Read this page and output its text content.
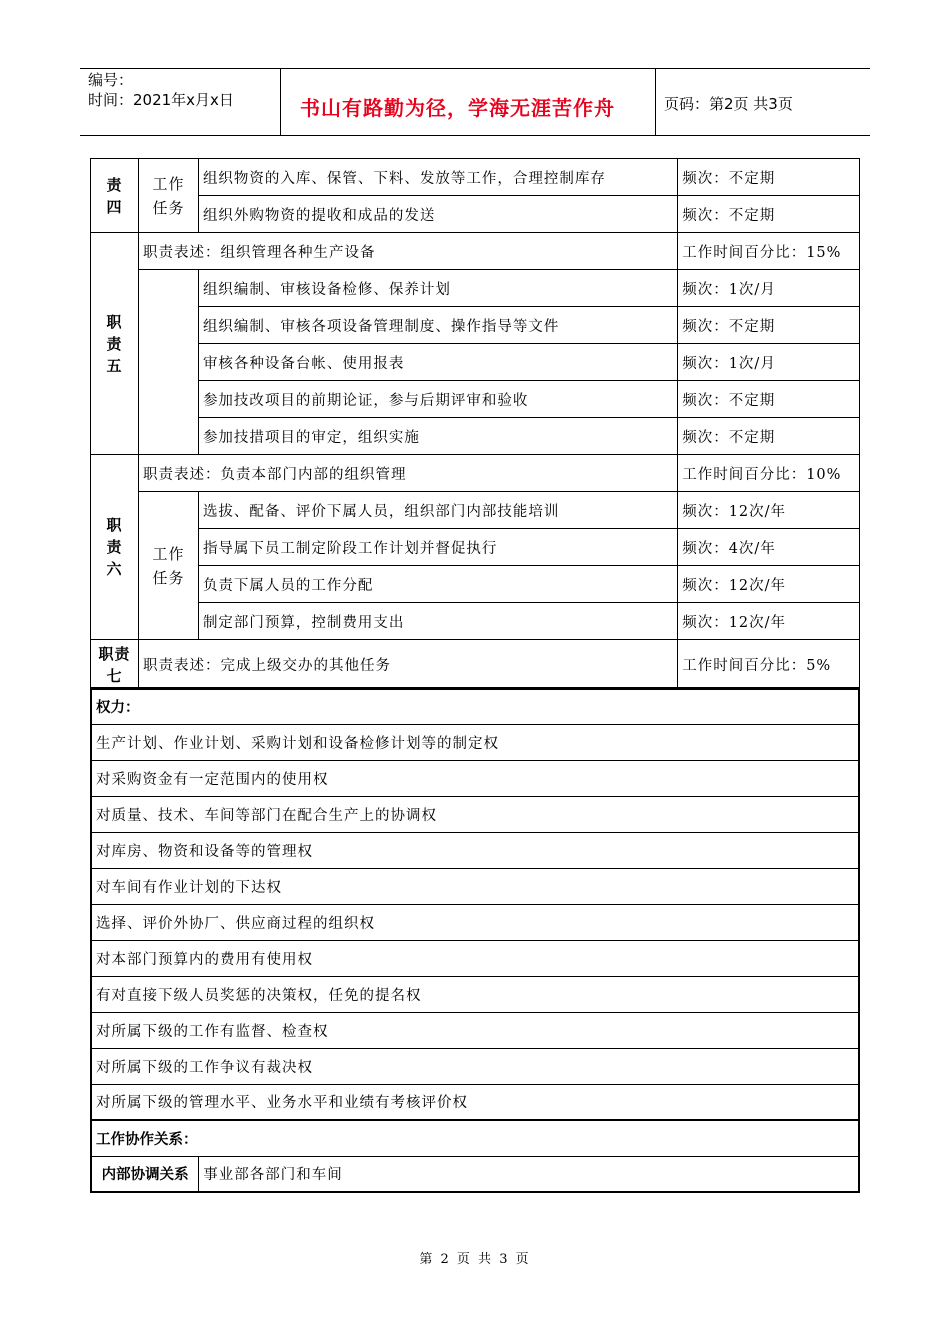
编号：
时间：2021年x月x日	书山有路勤为径，学海无涯苦作舟	页码：第2页 共3页
责四	工作任务	组织物资的入库、保管、下料、发放等工作，合理控制库存	频次：不定期
		组织外购物资的提收和成品的发送	频次：不定期
职责五	职责表述：组织管理各种生产设备		工作时间百分比：15%
		组织编制、审核设备检修、保养计划	频次：1次/月
		组织编制、审核各项设备管理制度、操作指导等文件	频次：不定期
		审核各种设备台帐、使用报表	频次：1次/月
		参加技改项目的前期论证，参与后期评审和验收	频次：不定期
		参加技措项目的审定，组织实施	频次：不定期
职责六	职责表述：负责本部门内部的组织管理		工作时间百分比：10%
	工作任务	选拔、配备、评价下属人员，组织部门内部技能培训	频次：12次/年
		指导属下员工制定阶段工作计划并督促执行	频次：4次/年
		负责下属人员的工作分配	频次：12次/年
		制定部门预算，控制费用支出	频次：12次/年
职责七	职责表述：完成上级交办的其他任务		工作时间百分比：5%
权力：
生产计划、作业计划、采购计划和设备检修计划等的制定权
对采购资金有一定范围内的使用权
对质量、技术、车间等部门在配合生产上的协调权
对库房、物资和设备等的管理权
对车间有作业计划的下达权
选择、评价外协厂、供应商过程的组织权
对本部门预算内的费用有使用权
有对直接下级人员奖惩的决策权，任免的提名权
对所属下级的工作有监督、检查权
对所属下级的工作争议有裁决权
对所属下级的管理水平、业务水平和业绩有考核评价权
工作协作关系：
内部协调关系	事业部各部门和车间
第 2 页 共 3 页
